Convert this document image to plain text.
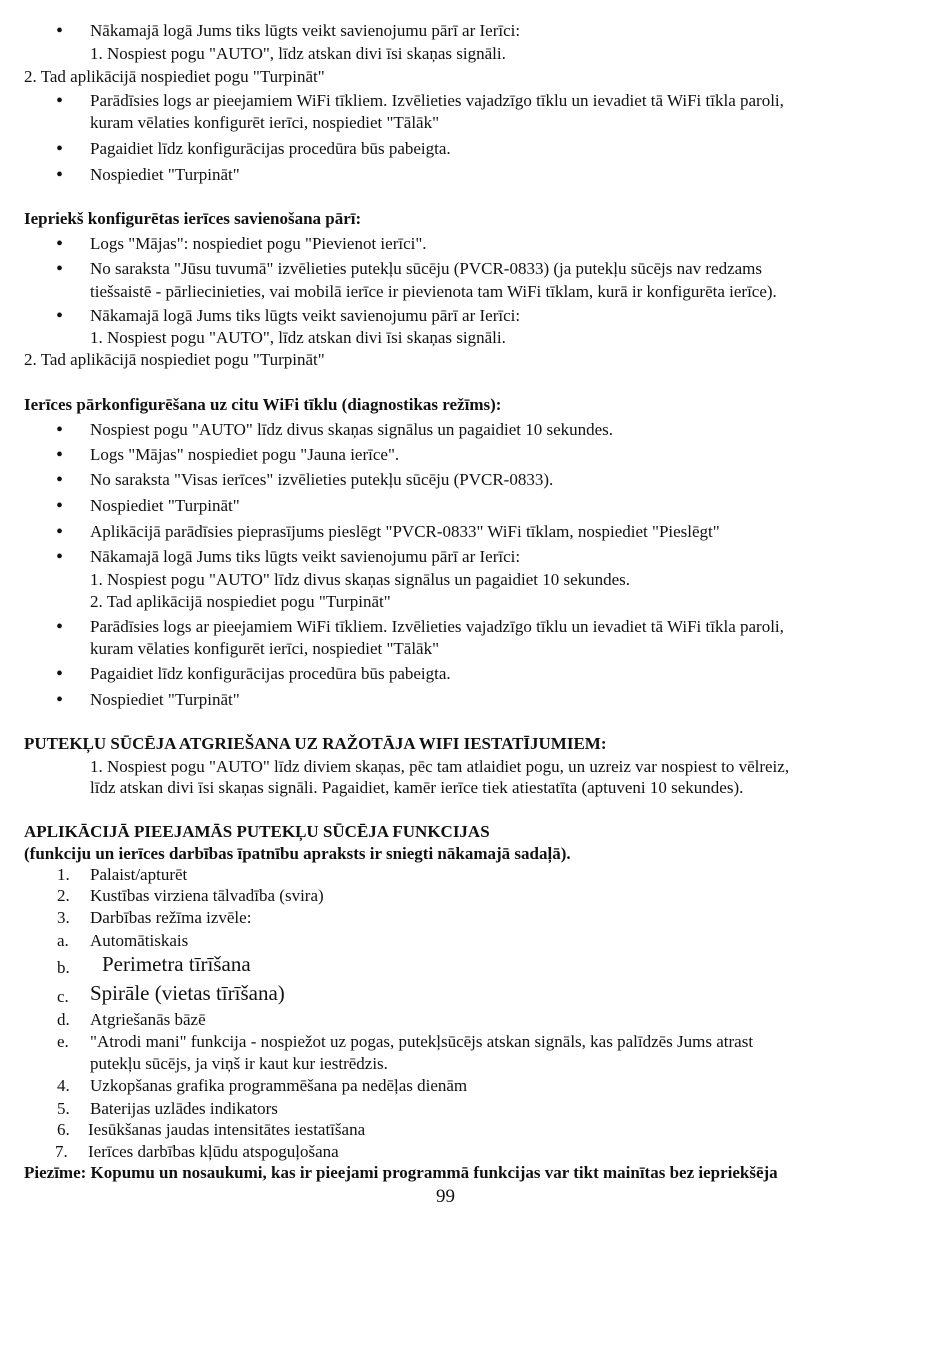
• Nākamajā logā Jums tiks lūgts veikt savienojumu pārī ar Ierīci:
1. Nospiest pogu "AUTO", līdz atskan divi īsi skaņas signāli.
2. Tad aplikācijā nospiediet pogu "Turpināt"
• Parādīsies logs ar pieejamiem WiFi tīkliem. Izvēlieties vajadzīgo tīklu un ievadiet tā WiFi tīkla paroli,
kuram vēlaties konfigurēt ierīci, nospiediet "Tālāk"
• Pagaidiet līdz konfigurācijas procedūra būs pabeigta.
• Nospiediet "Turpināt"
Iepriekš konfigurētas ierīces savienošana pārī:
• Logs "Mājas": nospiediet pogu "Pievienot ierīci".
• No saraksta "Jūsu tuvumā" izvēlieties putekļu sūcēju (PVCR-0833) (ja putekļu sūcējs nav redzams
tiešsaistē - pārliecinieties, vai mobilā ierīce ir pievienota tam WiFi tīklam, kurā ir konfigurēta ierīce).
• Nākamajā logā Jums tiks lūgts veikt savienojumu pārī ar Ierīci:
1. Nospiest pogu "AUTO", līdz atskan divi īsi skaņas signāli.
2. Tad aplikācijā nospiediet pogu "Turpināt"
Ierīces pārkonfigurēšana uz citu WiFi tīklu (diagnostikas režīms):
• Nospiest pogu "AUTO" līdz divus skaņas signālus un pagaidiet 10 sekundes.
• Logs "Mājas" nospiediet pogu "Jauna ierīce".
• No saraksta "Visas ierīces" izvēlieties putekļu sūcēju (PVCR-0833).
• Nospiediet "Turpināt"
• Aplikācijā parādīsies pieprasījums pieslēgt "PVCR-0833" WiFi tīklam, nospiediet "Pieslēgt"
• Nākamajā logā Jums tiks lūgts veikt savienojumu pārī ar Ierīci:
1. Nospiest pogu "AUTO" līdz divus skaņas signālus un pagaidiet 10 sekundes.
2. Tad aplikācijā nospiediet pogu "Turpināt"
• Parādīsies logs ar pieejamiem WiFi tīkliem. Izvēlieties vajadzīgo tīklu un ievadiet tā WiFi tīkla paroli,
kuram vēlaties konfigurēt ierīci, nospiediet "Tālāk"
• Pagaidiet līdz konfigurācijas procedūra būs pabeigta.
• Nospiediet "Turpināt"
PUTEKĻU SŪCĒJA ATGRIEŠANA UZ RAŽOTĀJA WIFI IESTATĪJUMIEM:
1. Nospiest pogu "AUTO" līdz diviem skaņas, pēc tam atlaidiet pogu, un uzreiz var nospiest to vēlreiz,
līdz atskan divi īsi skaņas signāli. Pagaidiet, kamēr ierīce tiek atiestatīta (aptuveni 10 sekundes).
APLIKĀCIJĀ PIEEJAMĀS PUTEKĻU SŪCĒJA FUNKCIJAS
(funkciju un ierīces darbības īpatnību apraksts ir sniegti nākamajā sadaļā).
1. Palaist/apturēt
2. Kustības virziena tālvadība (svira)
3. Darbības režīma izvēle:
a. Automātiskais
b. Perimetra tīrīšana
c. Spirāle (vietas tīrīšana)
d. Atgriešanās bāzē
e. "Atrodi mani" funkcija - nospiežot uz pogas, putekļsūcējs atskan signāls, kas palīdzēs Jums atrast
putekļu sūcējs, ja viņš ir kaut kur iestrēdzis.
4. Uzkopšanas grafika programmēšana pa nedēļas dienām
5. Baterijas uzlādes indikators
6. Iesūkšanas jaudas intensitātes iestatīšana
7. Ierīces darbības kļūdu atspoguļošana
Piezīme: Kopumu un nosaukumi, kas ir pieejami programmā funkcijas var tikt mainītas bez iepriekšēja
99
